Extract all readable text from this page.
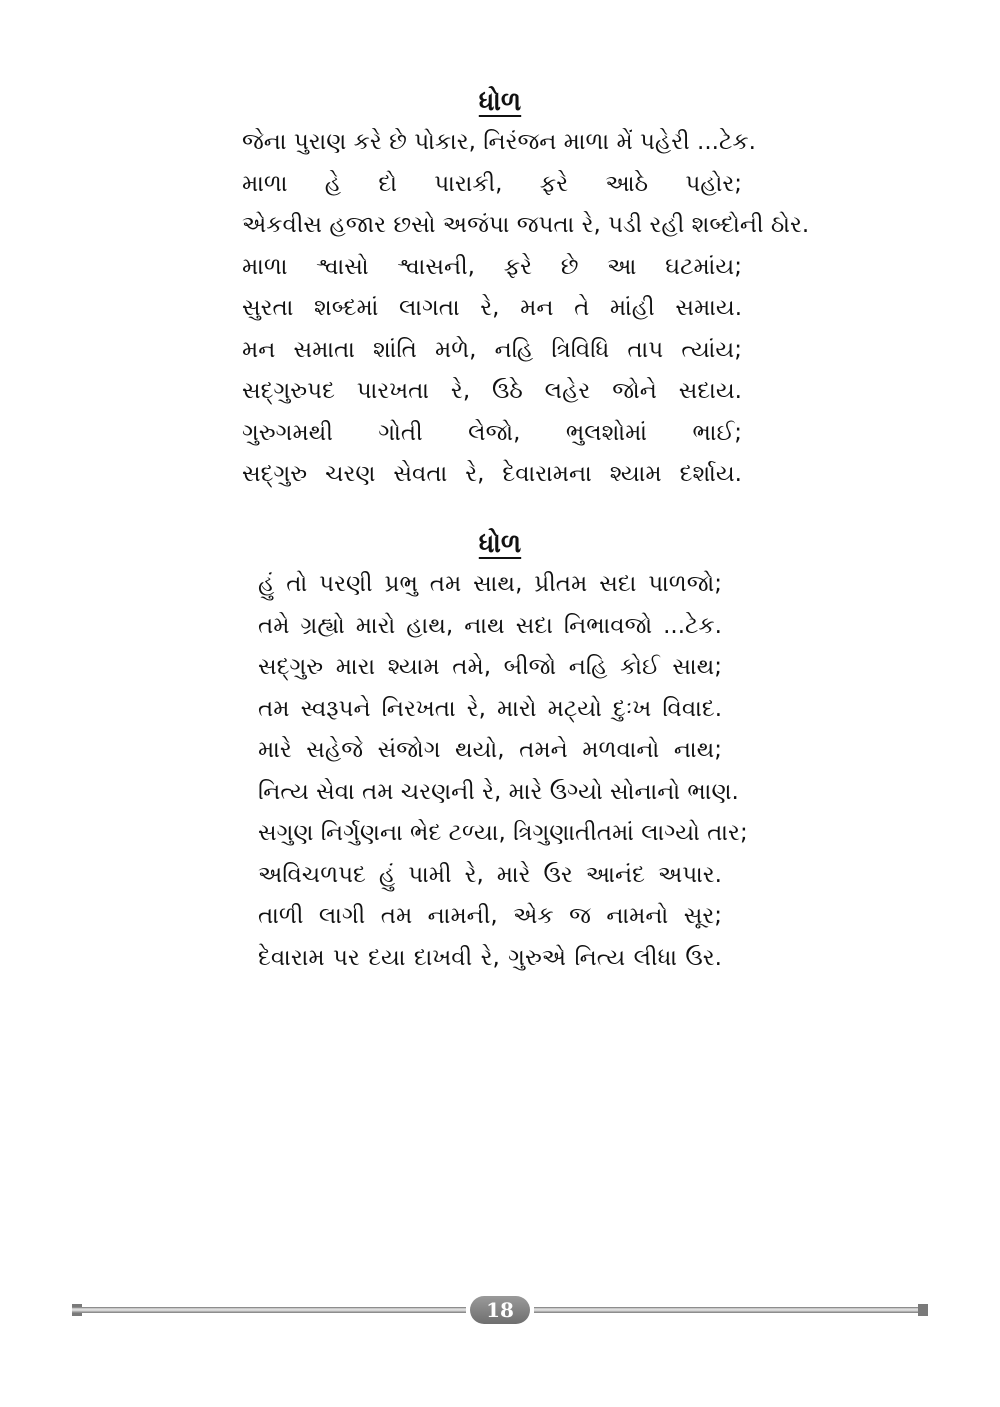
ધોળ
જેના પુરાણ કરે છે પોકાર, નિરંજન માળા મેં પહેરી ...ટેક.
માળા હે દો પારાકી, ફરે આઠે પહોર;
એકવીસ હજાર છસો અજંપા જપતા રે, પડી રહી શબ્દોની ઠોર.
માળા શ્વાસો શ્વાસની, ફરે છે આ ઘટમાંય;
સુરતા શબ્દમાં લાગતા રે, મન તે માંહી સમાય.
મન સમાતા શાંતિ મળે, નહિ ત્રિવિધિ તાપ ત્યાંય;
સદ્‌ગુરુપદ પારખતા રે, ઉઠે લહેર જોને સદાય.
ગુરુગમથી ગોતી લેજો, ભુલશોમાં ભાઈ;
સદ્‌ગુરુ ચરણ સેવતા રે, દેવારામના શ્યામ દર્શાય.
ધોળ
હું તો પરણી પ્રભુ તમ સાથ, પ્રીતમ સદા પાળજો;
તમે ગ્રહ્યો મારો હાથ, નાથ સદા નિભાવજો ...ટેક.
સદ્‌ગુરુ મારા શ્યામ તમે, બીજો નહિ કોઈ સાથ;
તમ સ્વરૂપને નિરખતા રે, મારો મટ્યો દુઃખ વિવાદ.
મારે સહેજે સંજોગ થયો, તમને મળવાનો નાથ;
નિત્ય સેવા તમ ચરણની રે, મારે ઉગ્યો સોનાનો ભાણ.
સગુણ નિર્ગુણના ભેદ ટળ્યા, ત્રિગુણાતીતમાં લાગ્યો તાર;
અવિચળપદ હું પામી રે, મારે ઉર આનંદ અપાર.
તાળી લાગી તમ નામની, એક જ નામનો સૂર;
દેવારામ પર દયા દાખવી રે, ગુરુએ નિત્ય લીધા ઉર.
18
